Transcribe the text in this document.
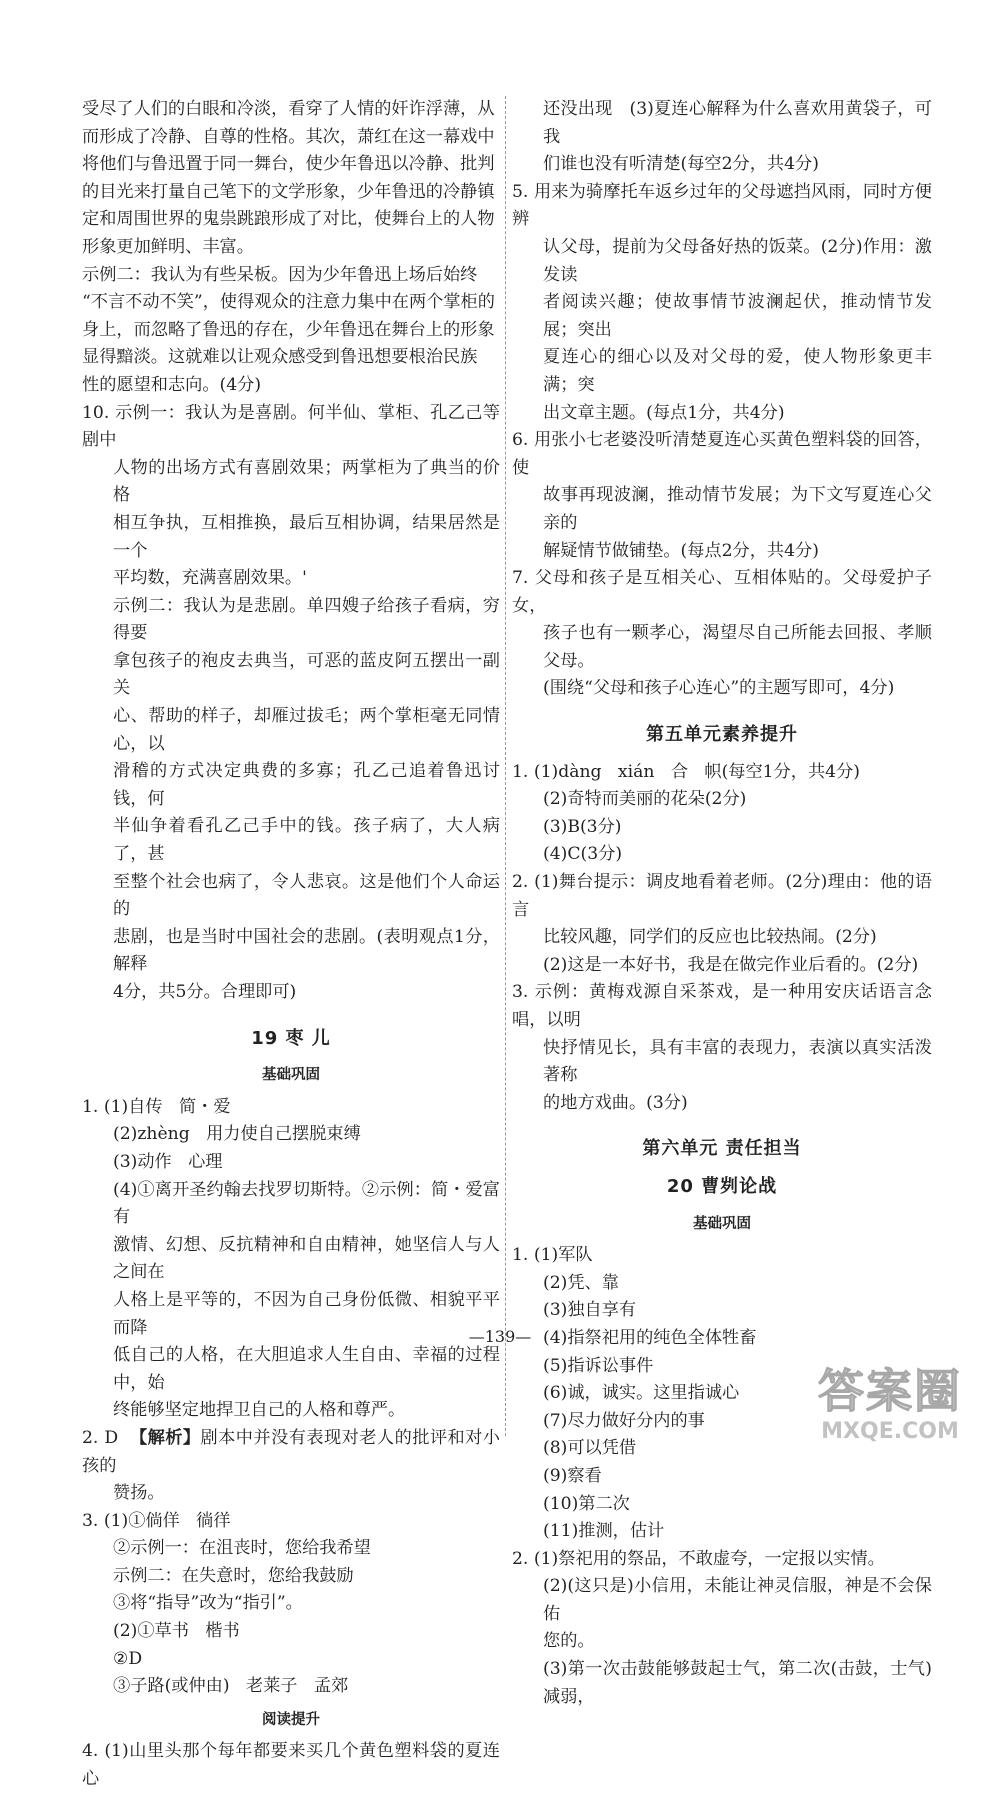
受尽了人们的白眼和冷淡，看穿了人情的奸诈浮薄，从

而形成了冷静、自尊的性格。其次，萧红在这一幕戏中

将他们与鲁迅置于同一舞台，使少年鲁迅以冷静、批判

的目光来打量自己笔下的文学形象，少年鲁迅的冷静镇

定和周围世界的鬼祟跳踉形成了对比，使舞台上的人物

形象更加鲜明、丰富。

示例二：我认为有些呆板。因为少年鲁迅上场后始终

“不言不动不笑”，使得观众的注意力集中在两个掌柜的

身上，而忽略了鲁迅的存在，少年鲁迅在舞台上的形象

显得黯淡。这就难以让观众感受到鲁迅想要根治民族

性的愿望和志向。(4分)

10. 示例一：我认为是喜剧。何半仙、掌柜、孔乙己等剧中

人物的出场方式有喜剧效果；两掌柜为了典当的价格

相互争执，互相推换，最后互相协调，结果居然是一个

平均数，充满喜剧效果。'

示例二：我认为是悲剧。单四嫂子给孩子看病，穷得要

拿包孩子的袍皮去典当，可恶的蓝皮阿五摆出一副关

心、帮助的样子，却雁过拔毛；两个掌柜毫无同情心，以

滑稽的方式决定典费的多寡；孔乙己追着鲁迅讨钱，何

半仙争着看孔乙己手中的钱。孩子病了，大人病了，甚

至整个社会也病了，令人悲哀。这是他们个人命运的

悲剧，也是当时中国社会的悲剧。(表明观点1分，解释

4分，共5分。合理即可)

19 枣 儿
基础巩固

1. (1)自传   简・爱

(2)zhèng   用力使自己摆脱束缚

(3)动作   心理

(4)①离开圣约翰去找罗切斯特。②示例：简・爱富有

激情、幻想、反抗精神和自由精神，她坚信人与人之间在

人格上是平等的，不因为自己身份低微、相貌平平而降

低自己的人格，在大胆追求人生自由、幸福的过程中，始

终能够坚定地捍卫自己的人格和尊严。

2. D  【解析】剧本中并没有表现对老人的批评和对小孩的

赞扬。

3. (1)①倘佯   徜徉

②示例一：在沮丧时，您给我希望

示例二：在失意时，您给我鼓励

③将“指导”改为“指引”。

(2)①草书   楷书

②D

③子路(或仲由)   老莱子   孟郊

阅读提升

4. (1)山里头那个每年都要来买几个黄色塑料袋的夏连心

还没出现   (3)夏连心解释为什么喜欢用黄袋子，可我

们谁也没有听清楚(每空2分，共4分)

5. 用来为骑摩托车返乡过年的父母遮挡风雨，同时方便辨

认父母，提前为父母备好热的饭菜。(2分)作用：激发读

者阅读兴趣；使故事情节波澜起伏，推动情节发展；突出

夏连心的细心以及对父母的爱，使人物形象更丰满；突

出文章主题。(每点1分，共4分)

6. 用张小七老婆没听清楚夏连心买黄色塑料袋的回答，使

故事再现波澜，推动情节发展；为下文写夏连心父亲的

解疑情节做铺垫。(每点2分，共4分)

7. 父母和孩子是互相关心、互相体贴的。父母爱护子女，

孩子也有一颗孝心，渴望尽自己所能去回报、孝顺父母。

(围绕“父母和孩子心连心”的主题写即可，4分)

第五单元素养提升

1. (1)dàng   xián   合   帜(每空1分，共4分)

(2)奇特而美丽的花朵(2分)

(3)B(3分)

(4)C(3分)

2. (1)舞台提示：调皮地看着老师。(2分)理由：他的语言

比较风趣，同学们的反应也比较热闹。(2分)

(2)这是一本好书，我是在做完作业后看的。(2分)

3. 示例：黄梅戏源自采茶戏，是一种用安庆话语言念唱，以明

快抒情见长，具有丰富的表现力，表演以真实活泼著称

的地方戏曲。(3分)

第六单元 责任担当
20 曹刿论战
基础巩固

1. (1)军队

(2)凭、靠

(3)独自享有

(4)指祭祀用的纯色全体牲畜

(5)指诉讼事件

(6)诚，诚实。这里指诚心

(7)尽力做好分内的事

(8)可以凭借

(9)察看

(10)第二次

(11)推测，估计

2. (1)祭祀用的祭品，不敢虚夸，一定报以实情。

(2)(这只是)小信用，未能让神灵信服，神是不会保佑

您的。

(3)第一次击鼓能够鼓起士气，第二次(击鼓，士气)减弱，

—139—
答案圈
MXQE.COM
